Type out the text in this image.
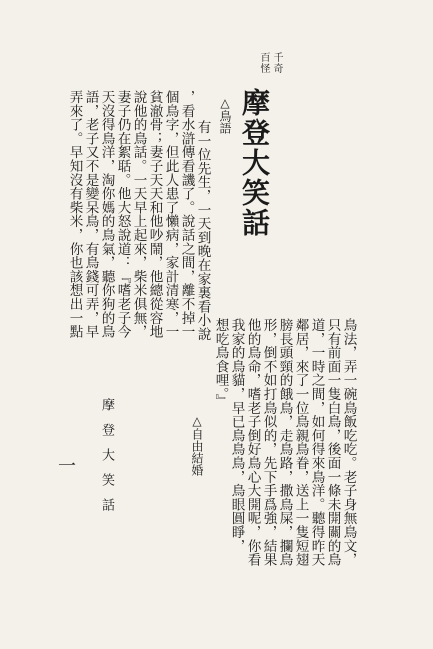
千奇
百怪
摩登大笑話
△鳥語
有一位先生，一天到晚在家裏看小說
，看水滸傳看譏了。說話之間，離不掉一
個鳥字，但此人患了懶病，家計清寒，一
貧澈骨；妻子天天和他吵鬧，他總從容地
說他的鳥話。一天早上起來，柴米俱無，
妻子仍在絮聒。他大怒說道：『嗜老子今
天沒得鳥洋，淘你媽的鳥氣，聽你狗的鳥
語，老子又不是變呆鳥，有鳥錢可弄，早
弄來了。早知沒有柴米，你也該想出一點
鳥法，弄一碗鳥飯吃吃。老子身無鳥文，
只有前面一隻白鳥，後面一條未開關的鳥
道，一時之間，如何得來鳥洋。聽得昨天
鄰居，來了一位鳥親鳥眷，送上一隻短翅
膀長頭頸的餓鳥，走鳥路，撒鳥屎，攔鳥
形，倒不如打鳥似的，先下手爲強，結果
他的鳥命，嗜老子倒好鳥心大開呢，你看
我家的鳥貓，早已鳥鳥鳥，鳥眼圓睜，
想吃鳥食哩。』
△自由結婚
摩登大笑話
一
